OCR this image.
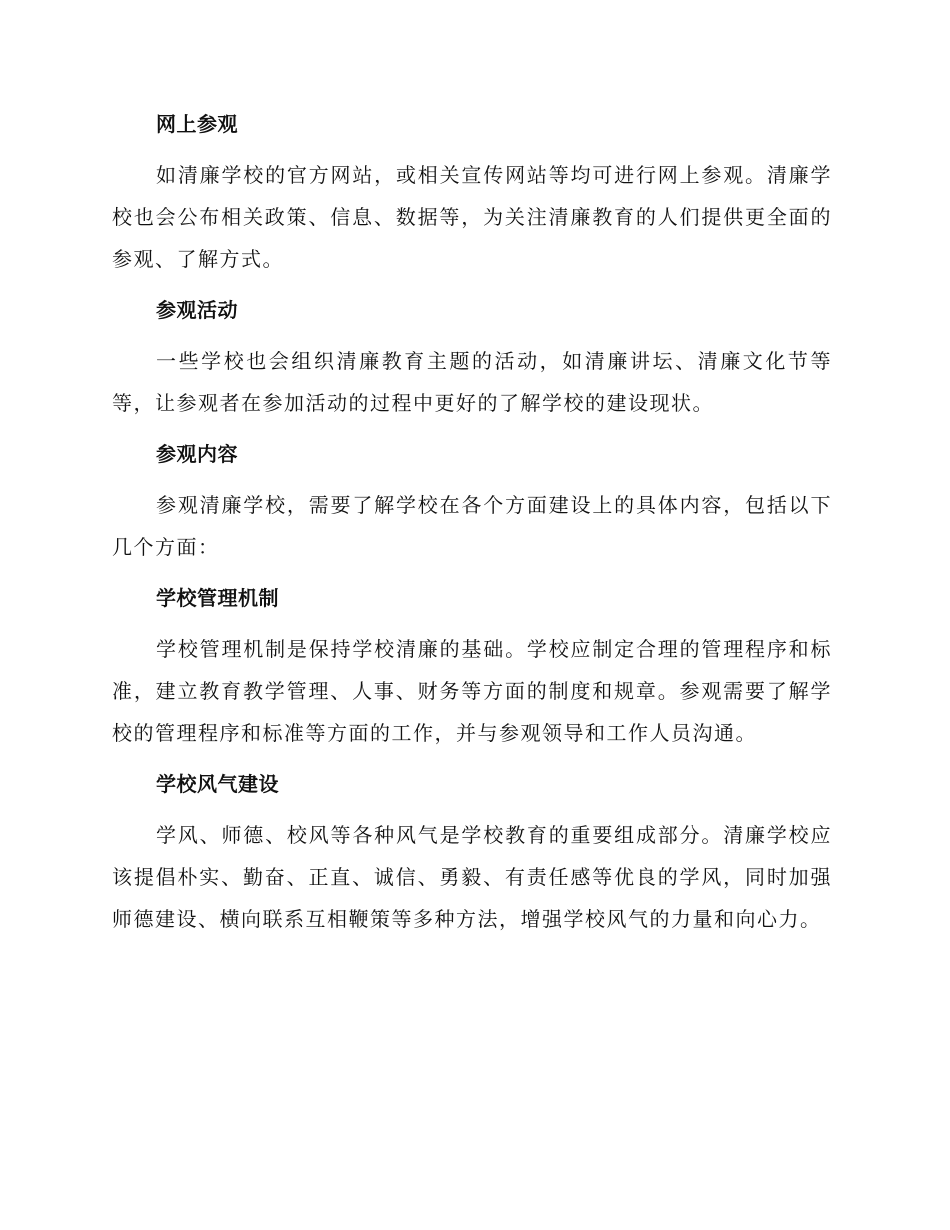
网上参观

如清廉学校的官方网站，或相关宣传网站等均可进行网上参观。清廉学校也会公布相关政策、信息、数据等，为关注清廉教育的人们提供更全面的参观、了解方式。

参观活动

一些学校也会组织清廉教育主题的活动，如清廉讲坛、清廉文化节等等，让参观者在参加活动的过程中更好的了解学校的建设现状。

参观内容

参观清廉学校，需要了解学校在各个方面建设上的具体内容，包括以下几个方面：

学校管理机制

学校管理机制是保持学校清廉的基础。学校应制定合理的管理程序和标准，建立教育教学管理、人事、财务等方面的制度和规章。参观需要了解学校的管理程序和标准等方面的工作，并与参观领导和工作人员沟通。

学校风气建设

学风、师德、校风等各种风气是学校教育的重要组成部分。清廉学校应该提倡朴实、勤奋、正直、诚信、勇毅、有责任感等优良的学风，同时加强师德建设、横向联系互相鞭策等多种方法，增强学校风气的力量和向心力。
